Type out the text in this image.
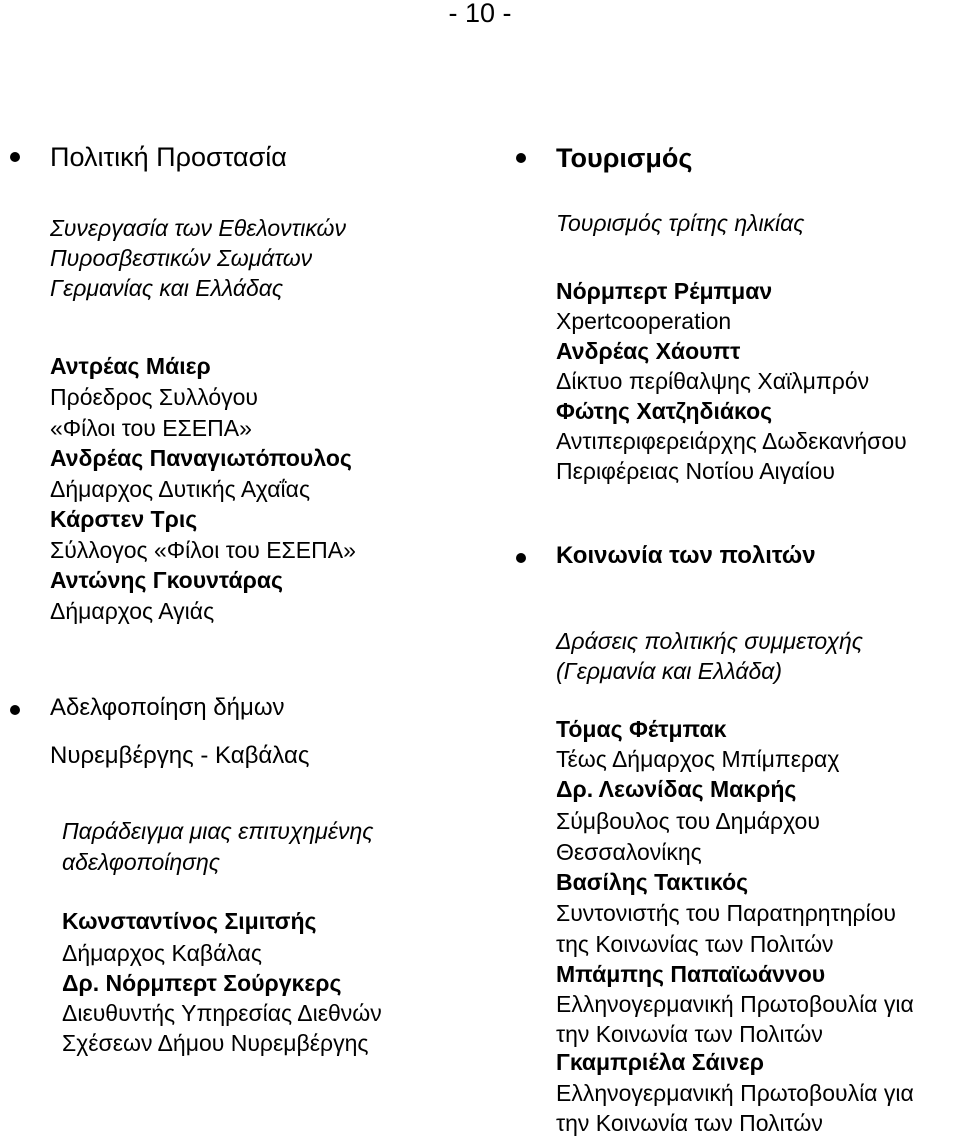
- 10 -
Πολιτική Προστασία
Συνεργασία των Εθελοντικών
Πυροσβεστικών Σωμάτων
Γερμανίας και Ελλάδας
Αντρέας Μάιερ
Πρόεδρος Συλλόγου
«Φίλοι του ΕΣΕΠΑ»
Ανδρέας Παναγιωτόπουλος
Δήμαρχος Δυτικής Αχαΐας
Κάρστεν Τρις
Σύλλογος «Φίλοι του ΕΣΕΠΑ»
Αντώνης Γκουντάρας
Δήμαρχος Αγιάς
Αδελφοποίηση δήμων
Νυρεμβέργης - Καβάλας
Παράδειγμα μιας επιτυχημένης
αδελφοποίησης
Κωνσταντίνος Σιμιτσής
Δήμαρχος Καβάλας
Δρ. Νόρμπερτ Σούργκερς
Διευθυντής Υπηρεσίας Διεθνών
Σχέσεων Δήμου Νυρεμβέργης
Τουρισμός
Τουρισμός τρίτης ηλικίας
Νόρμπερτ Ρέμπμαν
Xpertcooperation
Ανδρέας Χάουπτ
Δίκτυο περίθαλψης Χαϊλμπρόν
Φώτης Χατζηδιάκος
Αντιπεριφερειάρχης Δωδεκανήσου
Περιφέρειας Νοτίου Αιγαίου
Κοινωνία των πολιτών
Δράσεις πολιτικής συμμετοχής
(Γερμανία και Ελλάδα)
Τόμας Φέτμπακ
Τέως Δήμαρχος Μπίμπεραχ
Δρ. Λεωνίδας Μακρής
Σύμβουλος του Δημάρχου
Θεσσαλονίκης
Βασίλης Τακτικός
Συντονιστής του Παρατηρητηρίου
της Κοινωνίας των Πολιτών
Μπάμπης Παπαϊωάννου
Ελληνογερμανική Πρωτοβουλία για
την Κοινωνία των Πολιτών
Γκαμπριέλα Σάινερ
Ελληνογερμανική Πρωτοβουλία για
την Κοινωνία των Πολιτών
